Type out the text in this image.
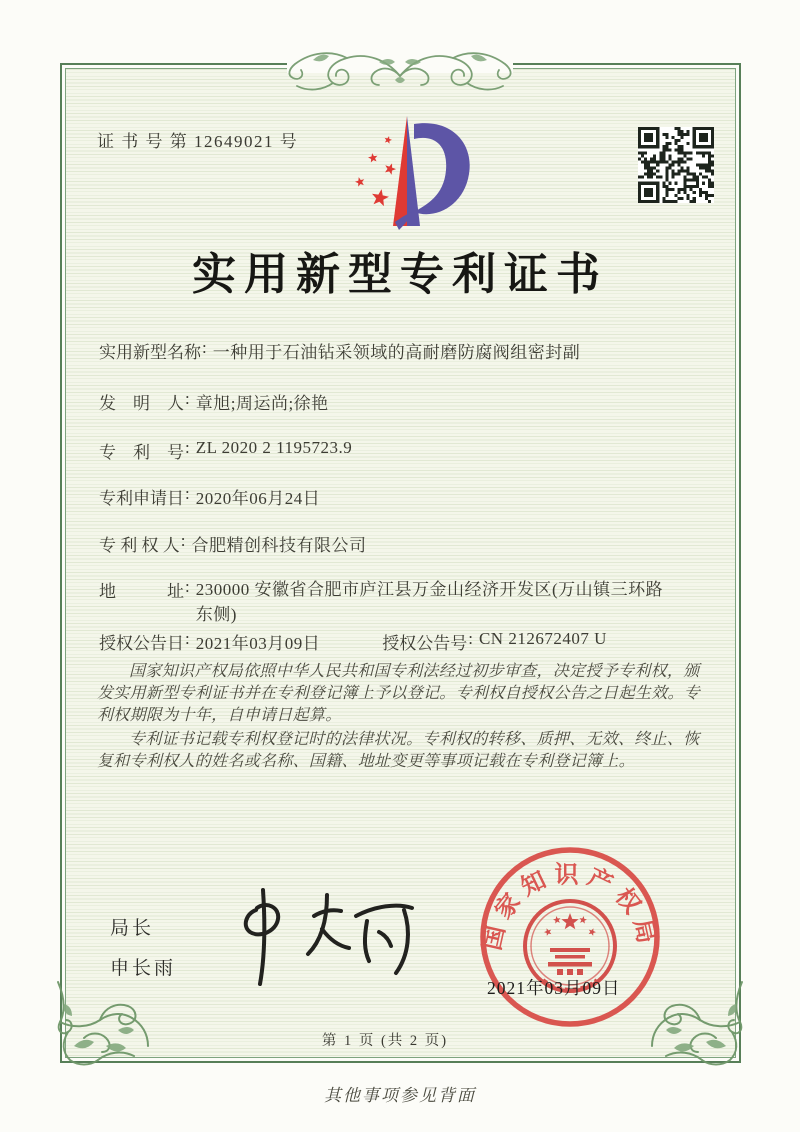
证 书 号 第 12649021 号
实用新型专利证书
实用新型名称: 一种用于石油钻采领域的高耐磨防腐阀组密封副
发　明　人: 章旭;周运尚;徐艳
专　利　号: ZL 2020 2 1195723.9
专利申请日: 2020年06月24日
专 利 权 人: 合肥精创科技有限公司
地　　　址: 230000 安徽省合肥市庐江县万金山经济开发区(万山镇三环路东侧)
授权公告日: 2021年03月09日	授权公告号: CN 212672407 U

国家知识产权局依照中华人民共和国专利法经过初步审查，决定授予专利权，颁发实用新型专利证书并在专利登记簿上予以登记。专利权自授权公告之日起生效。专利权期限为十年，自申请日起算。

专利证书记载专利权登记时的法律状况。专利权的转移、质押、无效、终止、恢复和专利权人的姓名或名称、国籍、地址变更等事项记载在专利登记簿上。

局长
申长雨
国家知识产权局
2021年03月09日
第 1 页 (共 2 页)
其他事项参见背面
